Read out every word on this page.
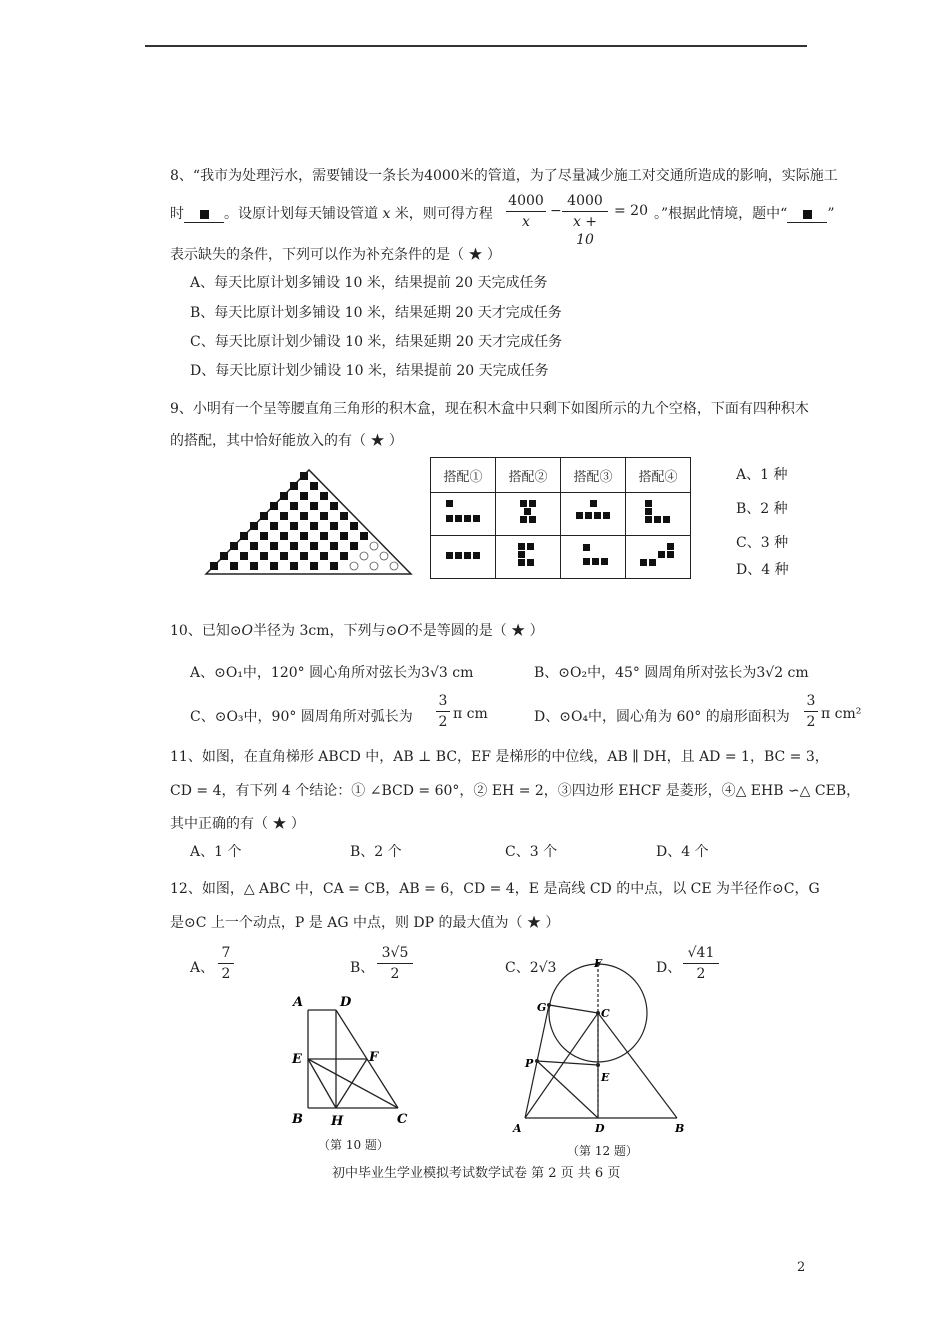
8、“我市为处理污水，需要铺设一条长为4000米的管道，为了尽量减少施工对交通所造成的影响，实际施工
时	。设原计划每天铺设管道 x 米，则可得方程 $\frac{4000}{x} - \frac{4000}{x + 10} = 20$ 。”根据此情境，题中“	”
表示缺失的条件，下列可以作为补充条件的是（ ★ ）
A、每天比原计划多铺设 10 米，结果提前 20 天完成任务
B、每天比原计划多铺设 10 米，结果延期 20 天才完成任务
C、每天比原计划少铺设 10 米，结果延期 20 天才完成任务
D、每天比原计划少铺设 10 米，结果提前 20 天完成任务
9、小明有一个呈等腰直角三角形的积木盒，现在积木盒中只剩下如图所示的九个空格，下面有四种积木
的搭配，其中恰好能放入的有（ ★ ）
搭配①	搭配②	搭配③	搭配④

				A、1 种
B、2 种
C、3 种
D、4 种
10、已知⊙O半径为 3cm，下列与⊙O不是等圆的是（ ★ ）
A、⊙O₁中，120° 圆心角所对弦长为3√3 cm	B、⊙O₂中，45° 圆周角所对弦长为3√2 cm
C、⊙O₃中，90° 圆周角所对弧长为 $\frac{3}{2}$ π cm	D、⊙O₄中，圆心角为 60° 的扇形面积为 $\frac{3}{2}$ π cm²
11、如图，在直角梯形 ABCD 中，AB ⊥ BC，EF 是梯形的中位线，AB ∥ DH，且 AD = 1，BC = 3，
CD = 4，有下列 4 个结论：① ∠BCD = 60°，② EH = 2，③四边形 EHCF 是菱形，④△ EHB ∽△ CEB，
其中正确的有（ ★ ）
A、1 个	B、2 个	C、3 个	D、4 个
12、如图，△ ABC 中，CA = CB，AB = 6，CD = 4，E 是高线 CD 的中点，以 CE 为半径作⊙C，G
是⊙C 上一个动点，P 是 AG 中点，则 DP 的最大值为（ ★ ）
A、 $\frac{7}{2}$	B、 $\frac{3√5}{2}$	C、2√3	D、 $\frac{√41}{2}$
A	D
E	F
B H	C
（第 10 题）
F
G	C
P
E
A	D	B
（第 12 题）
初中毕业生学业模拟考试数学试卷 第 2 页 共 6 页
2
